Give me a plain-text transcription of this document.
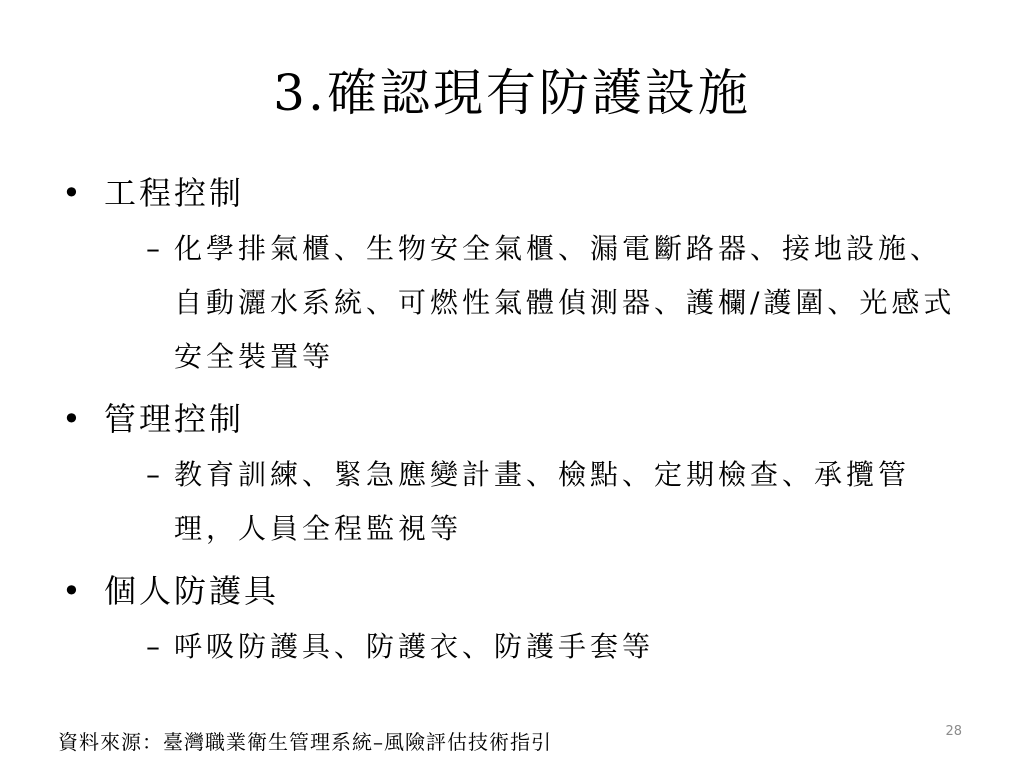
3.確認現有防護設施
• 工程控制
– 化學排氣櫃、生物安全氣櫃、漏電斷路器、接地設施、自動灑水系統、可燃性氣體偵測器、護欄/護圍、光感式安全裝置等
• 管理控制
– 教育訓練、緊急應變計畫、檢點、定期檢查、承攬管理，人員全程監視等
• 個人防護具
– 呼吸防護具、防護衣、防護手套等
資料來源：臺灣職業衛生管理系統–風險評估技術指引	28
